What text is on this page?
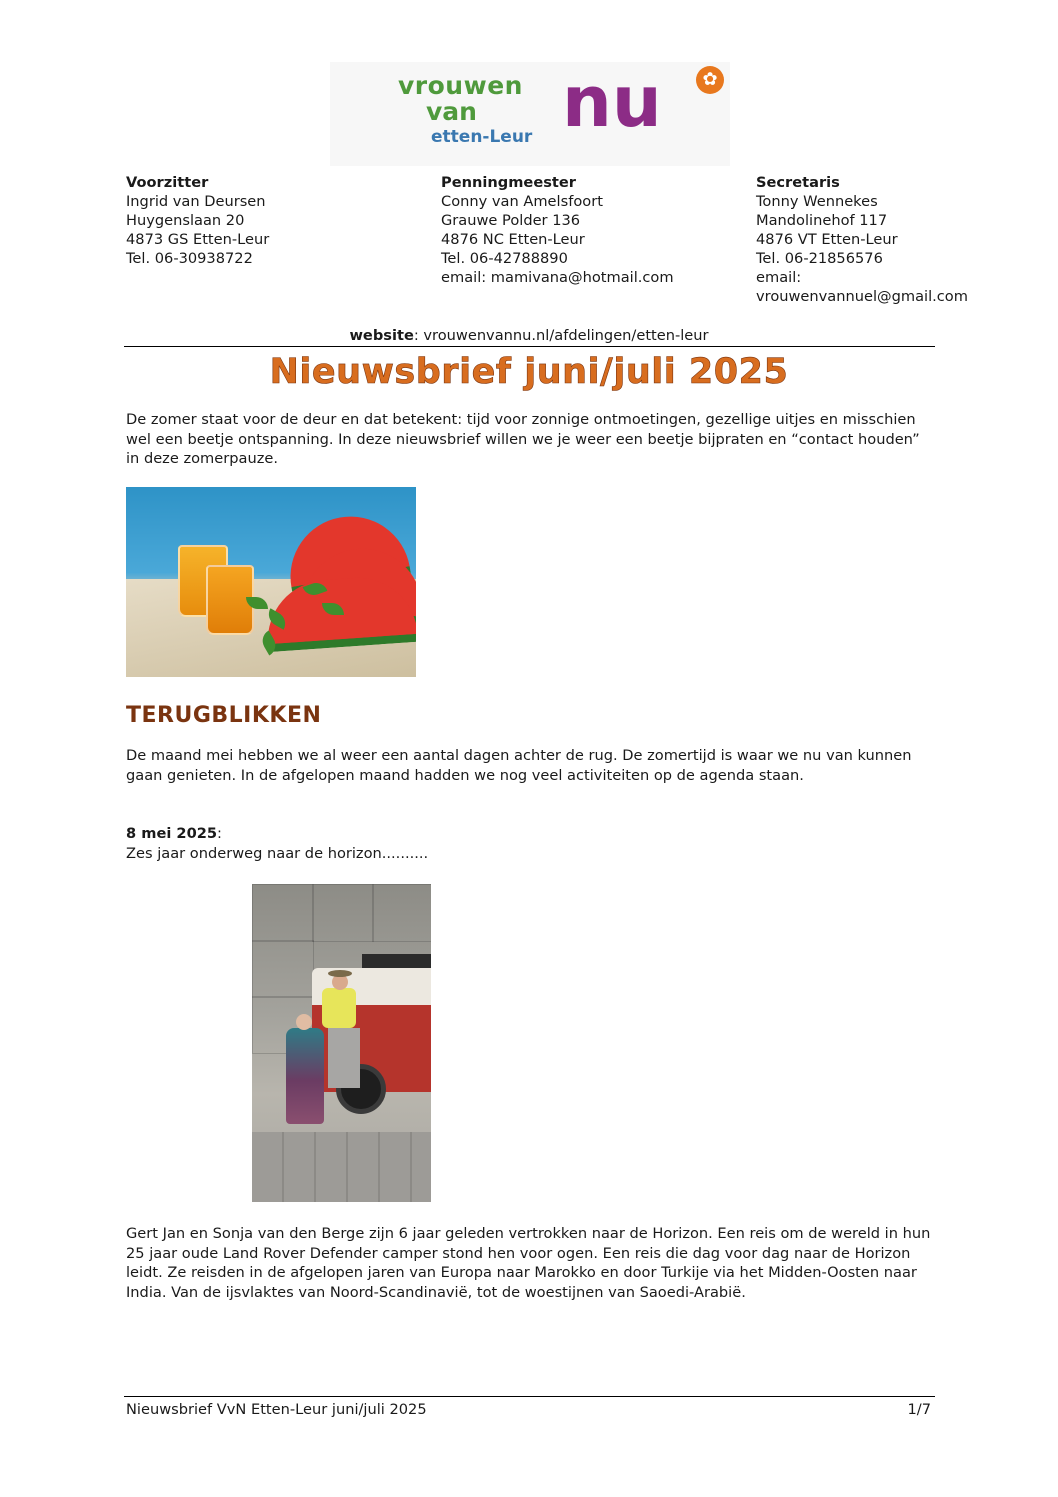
vrouwen
van nu
etten-Leur
✿
Voorzitter
Ingrid van Deursen
Huygenslaan 20
4873 GS Etten-Leur
Tel. 06-30938722
Penningmeester
Conny van Amelsfoort
Grauwe Polder 136
4876 NC Etten-Leur
Tel. 06-42788890
email: mamivana@hotmail.com
Secretaris
Tonny Wennekes
Mandolinehof 117
4876 VT Etten-Leur
Tel. 06-21856576
email:
vrouwenvannuel@gmail.com
website: vrouwenvannu.nl/afdelingen/etten-leur
Nieuwsbrief juni/juli 2025
De zomer staat voor de deur en dat betekent: tijd voor zonnige ontmoetingen, gezellige uitjes en misschien wel een beetje ontspanning. In deze nieuwsbrief willen we je weer een beetje bijpraten en “contact houden” in deze zomerpauze.
TERUGBLIKKEN
De maand mei hebben we al weer een aantal dagen achter de rug. De zomertijd is waar we nu van kunnen gaan genieten. In de afgelopen maand hadden we nog veel activiteiten op de agenda staan.
8 mei 2025:
Zes jaar onderweg naar de horizon..........
Gert Jan en Sonja van den Berge zijn 6 jaar geleden vertrokken naar de Horizon. Een reis om de wereld in hun 25 jaar oude Land Rover Defender camper stond hen voor ogen. Een reis die dag voor dag naar de Horizon leidt. Ze reisden in de afgelopen jaren van Europa naar Marokko en door Turkije via het Midden-Oosten naar India. Van de ijsvlaktes van Noord-Scandinavië, tot de woestijnen van Saoedi-Arabië.
Nieuwsbrief VvN Etten-Leur juni/juli 2025	1/7
